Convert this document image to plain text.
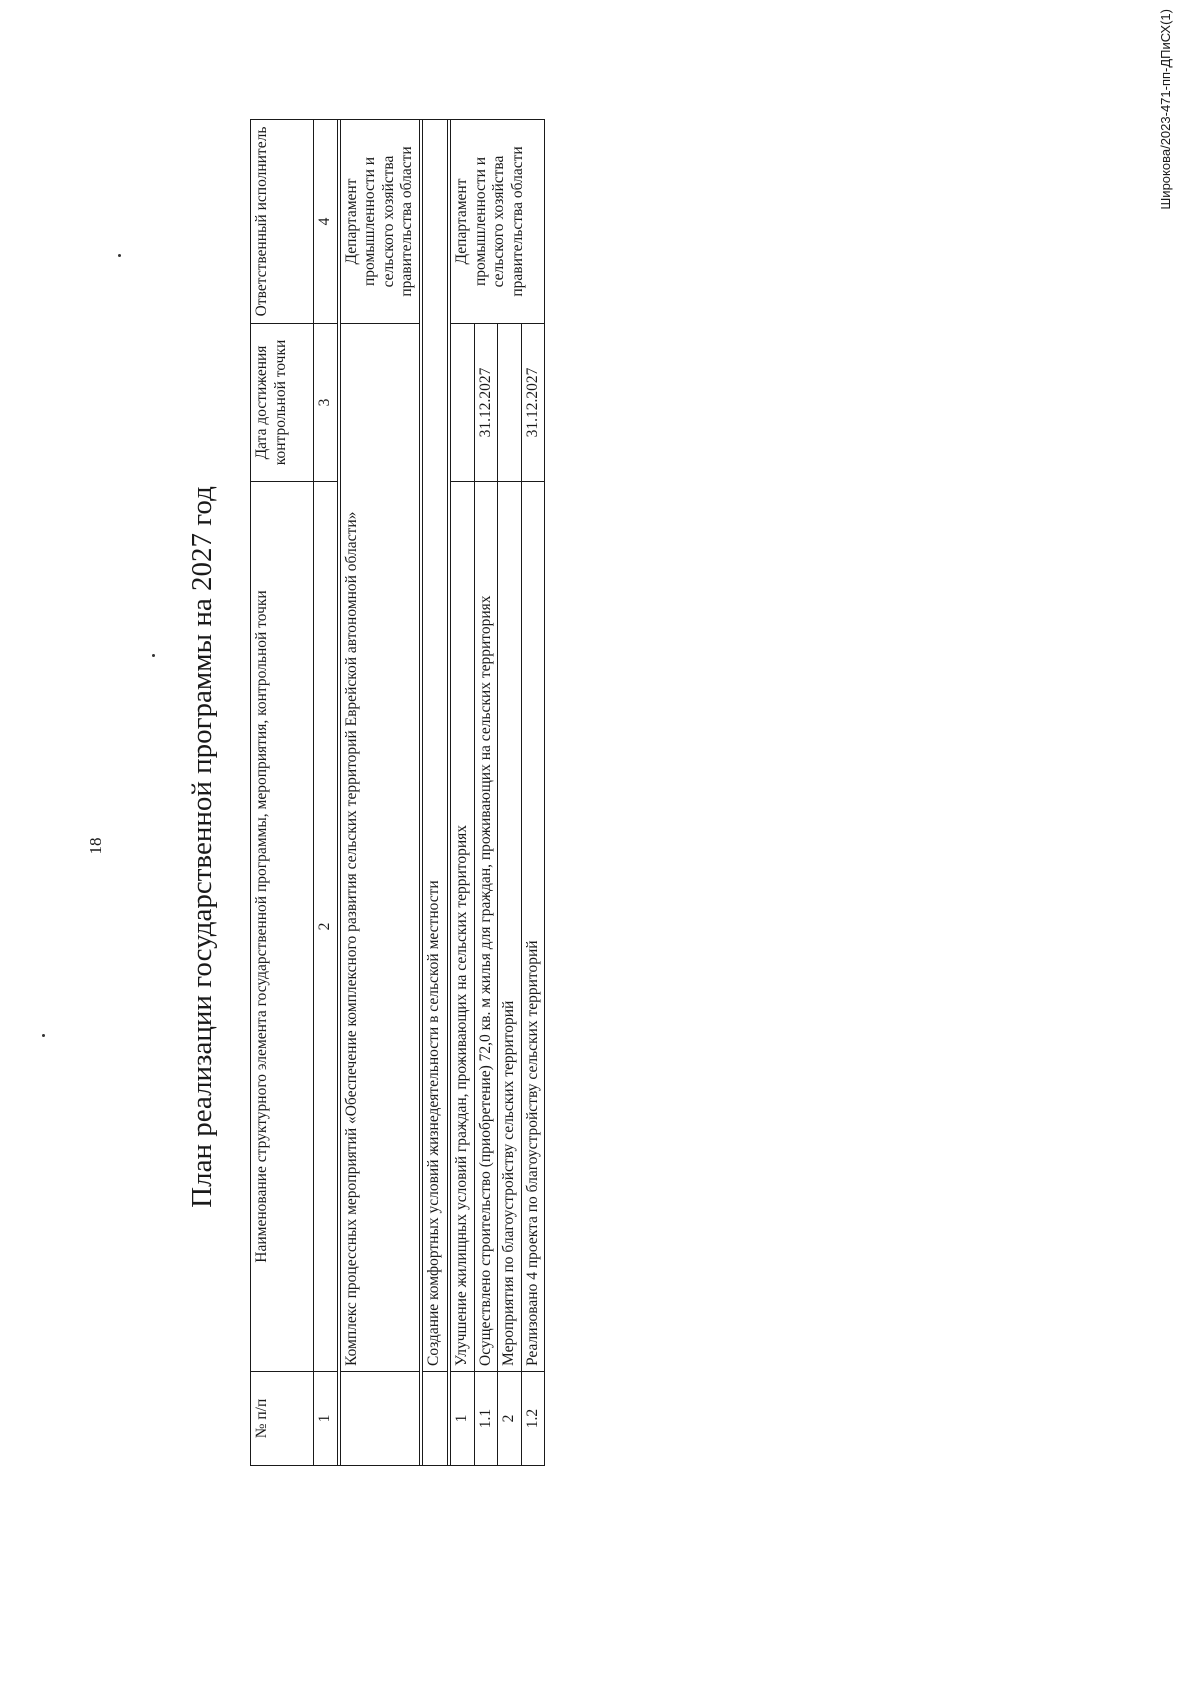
18	План реализации государственной программы на 2027 год
№ п/п	Наименование структурного элемента государственной программы, мероприятия, контрольной точки	Дата достижения контрольной точки	Ответственный исполнитель
1	2	3	4

	Комплекс процессных мероприятий «Обеспечение комплексного развития сельских территорий Еврейской автономной области»		Департамент промышленности и сельского хозяйства правительства области

	Создание комфортных условий жизнедеятельности в сельской местности		

1	Улучшение жилищных условий граждан, проживающих на сельских территориях		Департамент промышленности и сельского хозяйства правительства области
1.1	Осуществлено строительство (приобретение) 72,0 кв. м жилья для граждан, проживающих на сельских территориях	31.12.2027	
2	Мероприятия по благоустройству сельских территорий		
1.2	Реализовано 4 проекта по благоустройству сельских территорий	31.12.2027	
Широкова/2023-471-пп-ДПиСХ(1)
